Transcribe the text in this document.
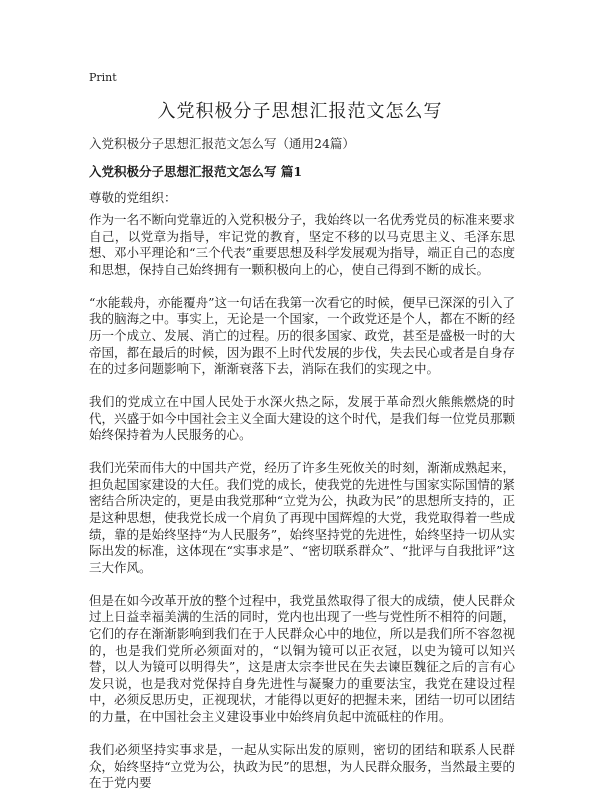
Print
入党积极分子思想汇报范文怎么写
入党积极分子思想汇报范文怎么写（通用24篇）
入党积极分子思想汇报范文怎么写 篇1
尊敬的党组织：

作为一名不断向党靠近的入党积极分子，我始终以一名优秀党员的标准来要求自己，以党章为指导，牢记党的教育，坚定不移的以马克思主义、毛泽东思想、邓小平理论和“三个代表”重要思想及科学发展观为指导，端正自己的态度和思想，保持自己始终拥有一颗积极向上的心，使自己得到不断的成长。

“水能载舟，亦能覆舟”这一句话在我第一次看它的时候，便早已深深的引入了我的脑海之中。事实上，无论是一个国家，一个政党还是个人，都在不断的经历一个成立、发展、消亡的过程。历的很多国家、政党，甚至是盛极一时的大帝国，都在最后的时候，因为跟不上时代发展的步伐，失去民心或者是自身存在的过多问题影响下，渐渐衰落下去，消际在我们的实现之中。

我们的党成立在中国人民处于水深火热之际，发展于革命烈火熊熊燃烧的时代，兴盛于如今中国社会主义全面大建设的这个时代，是我们每一位党员那颗始终保持着为人民服务的心。

我们光荣而伟大的中国共产党，经历了许多生死攸关的时刻，渐渐成熟起来，担负起国家建设的大任。我们党的成长，使我党的先进性与国家实际国情的紧密结合所决定的，更是由我党那种“立党为公，执政为民”的思想所支持的，正是这种思想，使我党长成一个肩负了再现中国辉煌的大党，我党取得着一些成绩，靠的是始终坚持“为人民服务”，始终坚持党的先进性，始终坚持一切从实际出发的标准，这体现在“实事求是”、“密切联系群众”、“批评与自我批评”这三大作风。

但是在如今改革开放的整个过程中，我党虽然取得了很大的成绩，使人民群众过上日益幸福美满的生活的同时，党内也出现了一些与党性所不相符的问题，它们的存在渐渐影响到我们在于人民群众心中的地位，所以是我们所不容忽视的，也是我们党所必须面对的，“以铜为镜可以正衣冠，以史为镜可以知兴替，以人为镜可以明得失”，这是唐太宗李世民在失去谏臣魏征之后的言有心发只说，也是我对党保持自身先进性与凝聚力的重要法宝，我党在建设过程中，必须反思历史，正视现状，才能得以更好的把握未来，团结一切可以团结的力量，在中国社会主义建设事业中始终肩负起中流砥柱的作用。

我们必须坚持实事求是，一起从实际出发的原则，密切的团结和联系人民群众，始终坚持“立党为公，执政为民”的思想，为人民群众服务，当然最主要的在于党内要
